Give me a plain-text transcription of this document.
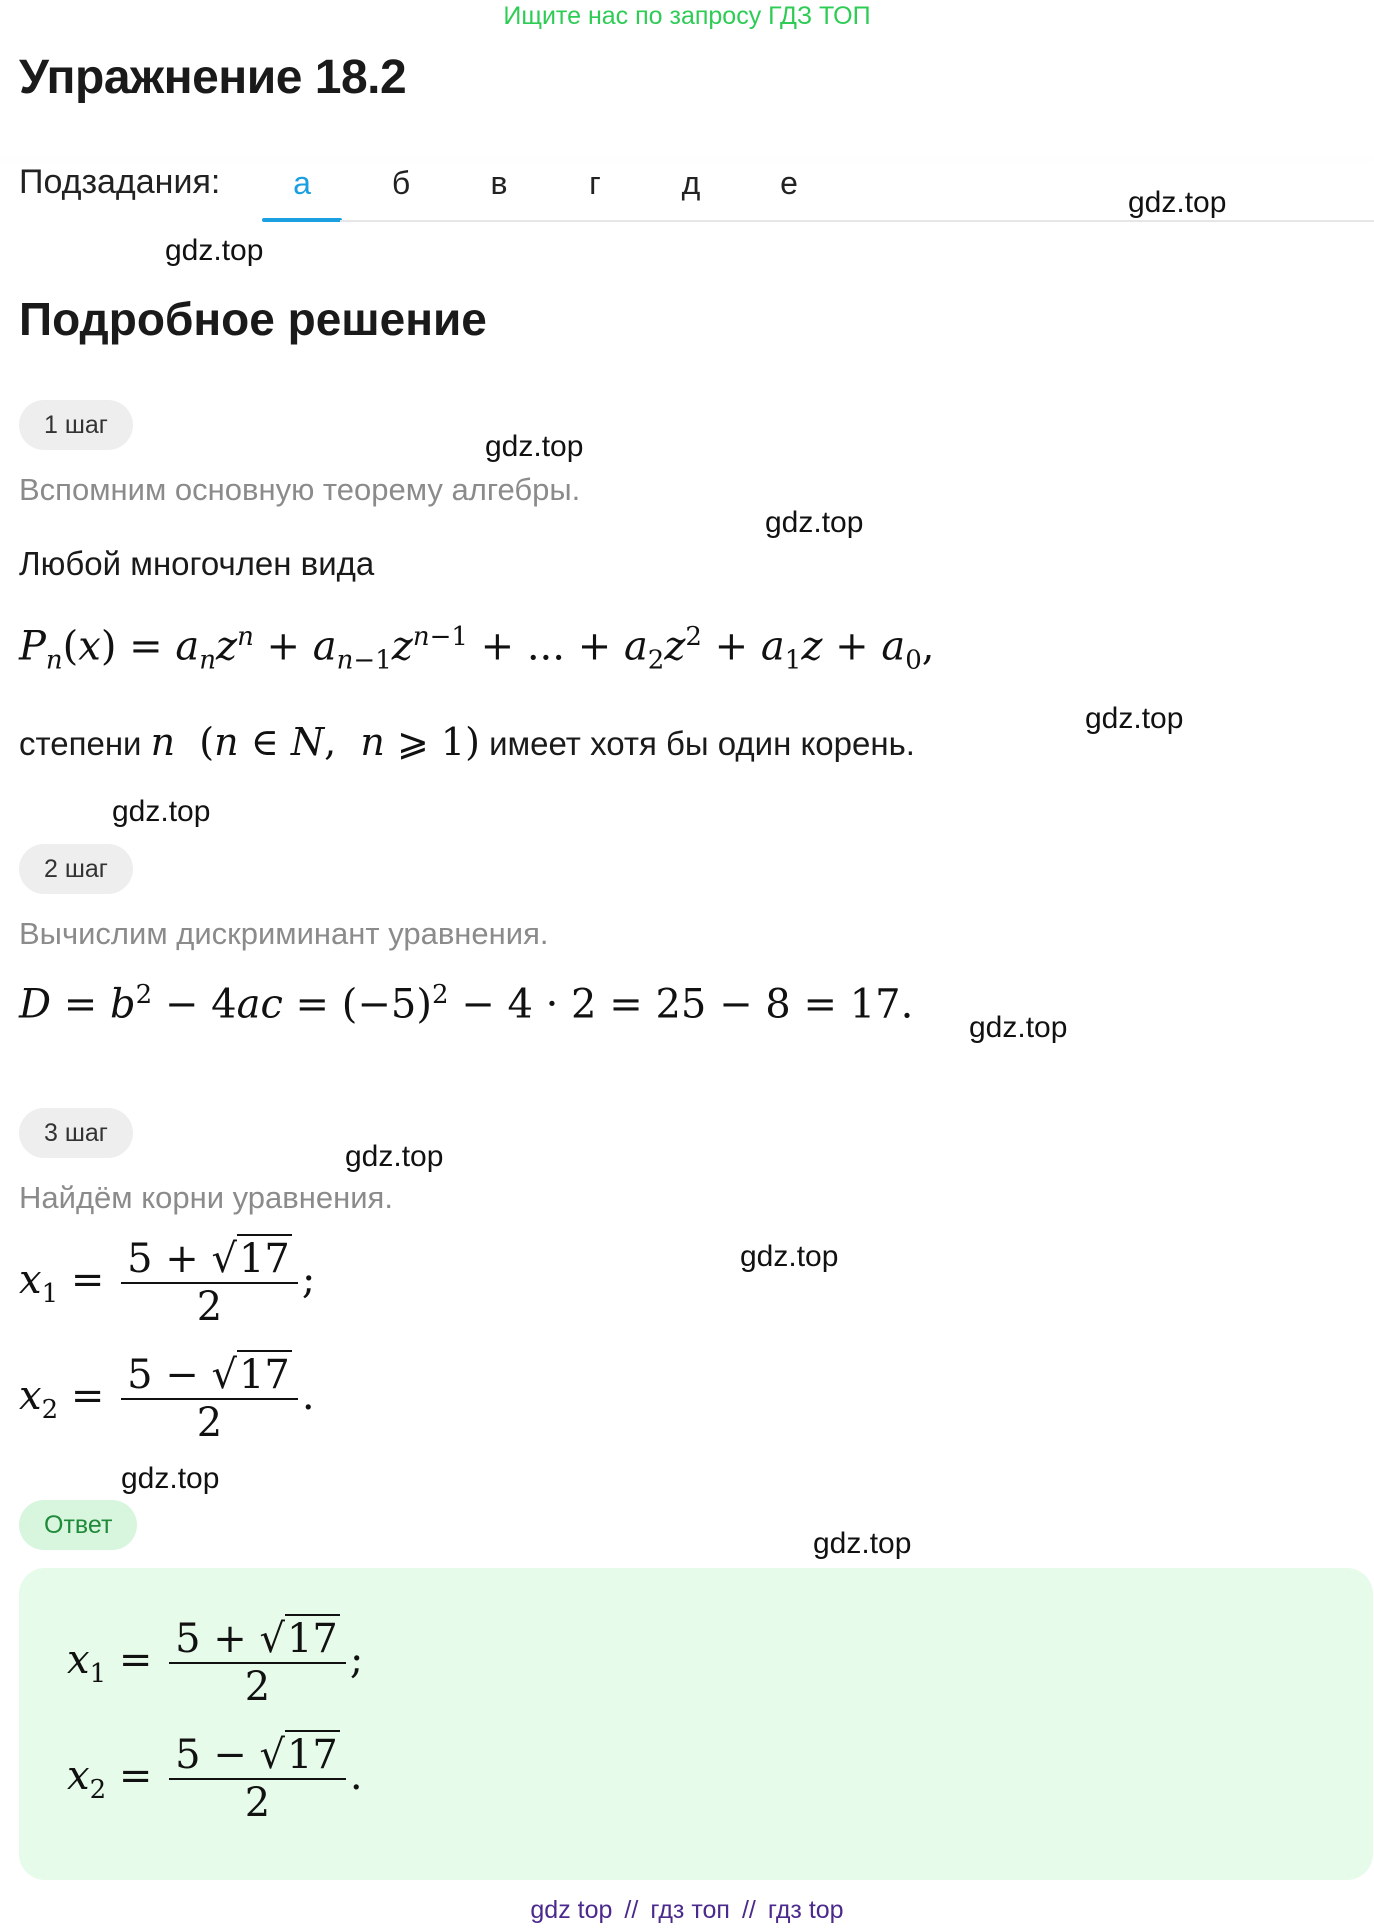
Ищите нас по запросу ГДЗ ТОП
Упражнение 18.2
Подзадания:	а	б	в	г	д	е
gdz.top
gdz.top
gdz.top
gdz.top
gdz.top
gdz.top
gdz.top
gdz.top
gdz.top
gdz.top
gdz.top
Подробное решение
1 шаг
Вспомним основную теорему алгебры.
Любой многочлен вида
$P_n(x) = a_nz^n + a_{n-1}z^{n-1}$ + ... + $a_2z^2 + a_1z + a_0$,
степени n  (n ∈ N,  n ⩾ 1) имеет хотя бы один корень.
2 шаг
Вычислим дискриминант уравнения.
$D = b^2 - 4ac = (-5)^2 - 4 \cdot 2 = 25 - 8 = 17$.
3 шаг
Найдём корни уравнения.
$x_1 = \frac{5 + √17}{2}$ ;
$x_2 = \frac{5 - √17}{2}$ .
Ответ
$x_1 = \frac{5 + √17}{2}$ ;
$x_2 = \frac{5 - √17}{2}$ .
gdz top // гдз топ // гдз top
